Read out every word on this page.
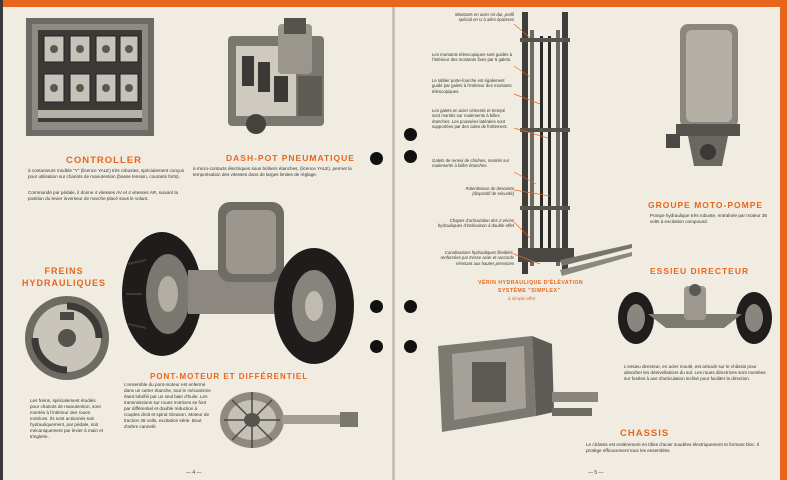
CONTROLLER
à contacteurs modèle "Y" (licence YALE) très robustes, spécialement conçus pour utilisation sur chariots de manutention (basse tension, courants forts).
Commandé par pédale, il donne 4 vitesses AV et 4 vitesses AR, suivant la position du levier inverseur de marche placé sous le volant.
DASH-POT PNEUMATIQUE
à micro-contacts électriques sous boîtiers étanches, (licence YALE), permet la temporisation des vitesses dans de larges limites de réglage.
FREINS
HYDRAULIQUES
Les freins, spécialement étudiés pour chariots de manutention, sont montés à l'intérieur des roues motrices. Ils sont actionnés soit hydrauliquement, par pédale, soit mécaniquement par levier à main et tringlerie.
PONT-MOTEUR ET DIFFÉRENTIEL
L'ensemble du pont-moteur est enfermé dans un carter étanche, tout le mécanisme étant lubrifié par un seul bain d'huile. Les transmissions sur roues motrices se font par différentiel et double réduction à couples droit et spiral Gleason. Moteur de traction 36 volts, excitation série. Bout d'arbre cannelé.
— 4 —
Montants en acier mi-dur, profil spécial en U à ailes épaisses
Les montants télescopiques sont guidés à l'intérieur des montants fixes par 6 galets.
Le tablier porte-fourche est également guidé par galets à l'intérieur des montants télescopiques.
Les galets en acier cémenté et trempé sont montés sur roulements à billes étanches. Les poussées latérales sont supportées par des cales de frottement.
Galets de renvoi de chaînes, montés sur roulements à billes étanches.
Ralentisseur de descente (dispositif de sécurité)
Chapes d'articulation des 2 vérins hydrauliques d'inclinaison à double effet
Canalisations hydrauliques flexibles, renforcées par tresse acier et raccords résistant aux hautes pressions
VÉRIN HYDRAULIQUE D'ÉLÉVATION
SYSTÈME "SIMPLEX"
à simple effet
GROUPE MOTO-POMPE
Pompe hydraulique très robuste, entraînée par moteur 36 volts à excitation compound.
ESSIEU DIRECTEUR
L'essieu directeur, en acier moulé, est articulé sur le châssis pour absorber les dénivellations du sol. Les roues directrices sont montées sur fusées à axe d'articulation incliné pour faciliter la direction.
CHASSIS
Le châssis est entièrement en tôles d'acier soudées électriquement et formant bloc. Il protège efficacement tous les ensembles.
— 5 —
